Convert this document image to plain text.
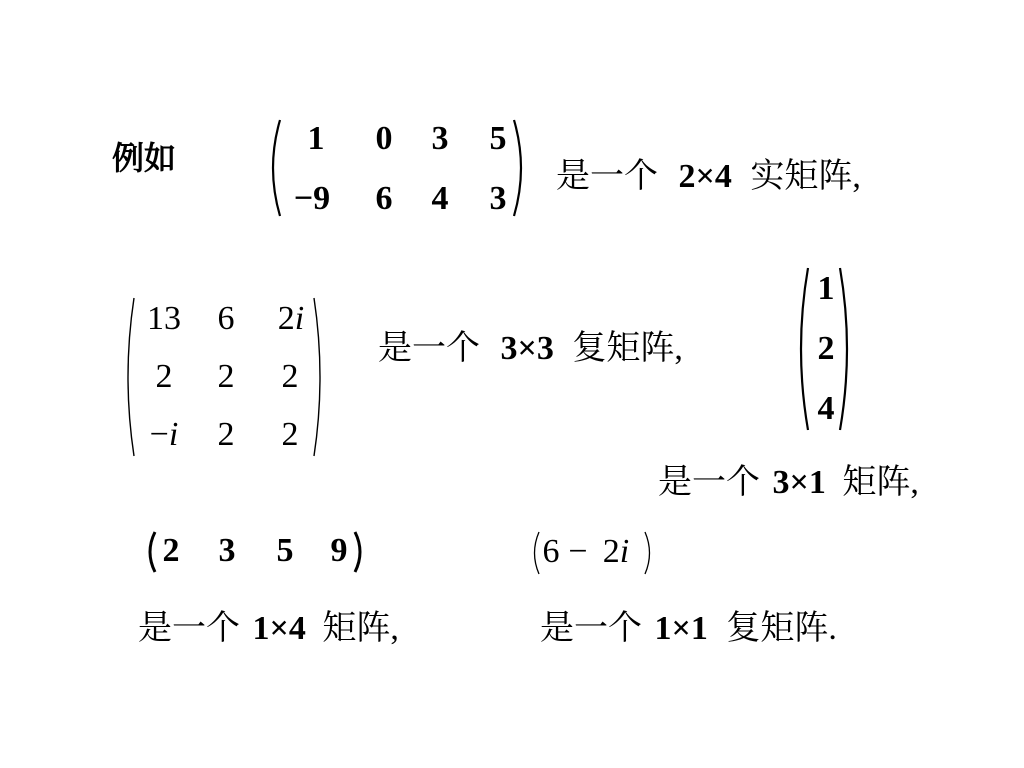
例如
1 0 3 5
−9 6 4 3
是一个 2×4 实矩阵,
13 6	2i
2 2 2
−i	2 2
是一个 3×3 复矩阵,
1
2
4
是一个 3×1 矩阵,
2 3 5 9
是一个 1×4 矩阵,
6 − 2i
是一个 1×1 复矩阵.
